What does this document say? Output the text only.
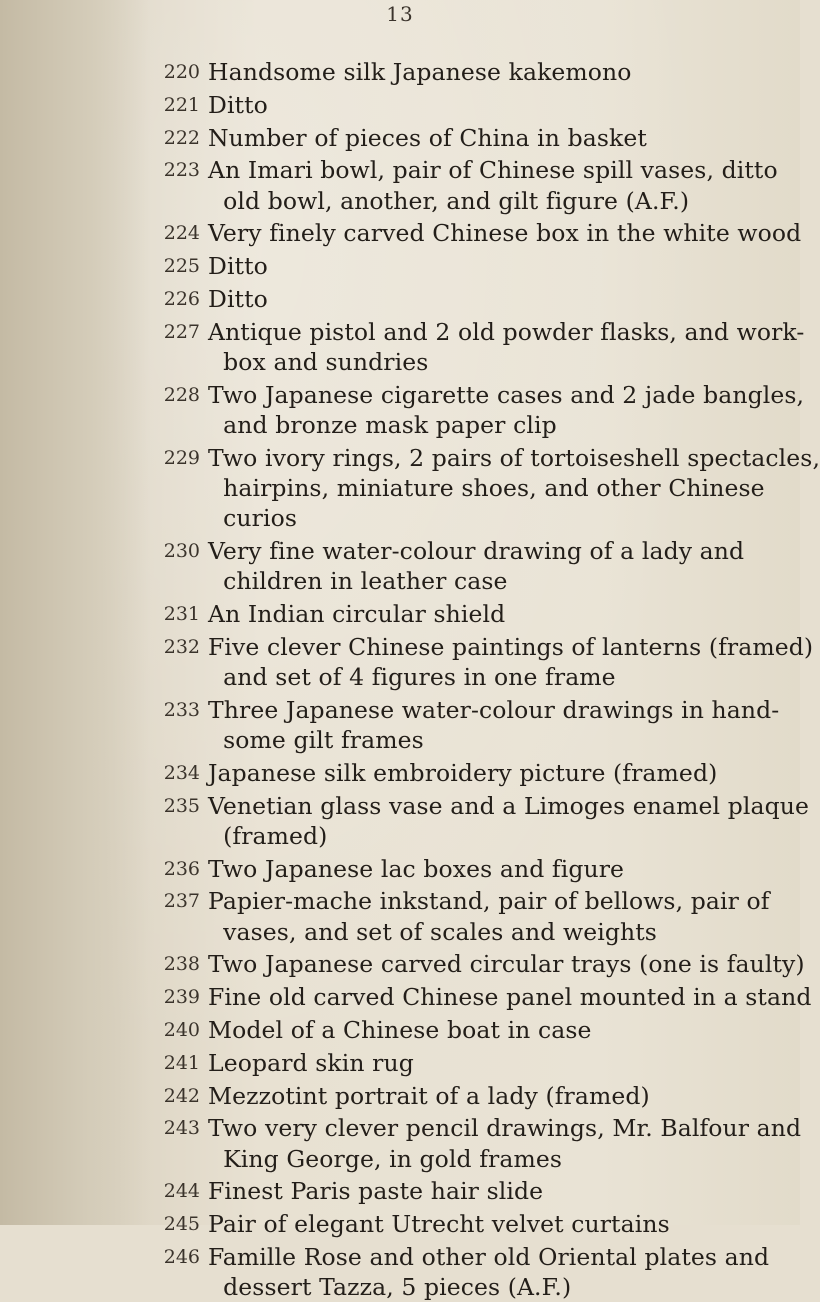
13
220 Handsome silk Japanese kakemono
221 Ditto
222 Number of pieces of China in basket
223 An Imari bowl, pair of Chinese spill vases, ditto
old bowl, another, and gilt figure (A.F.)
224 Very finely carved Chinese box in the white wood
225 Ditto
226 Ditto
227 Antique pistol and 2 old powder flasks, and work-
box and sundries
228 Two Japanese cigarette cases and 2 jade bangles,
and bronze mask paper clip
229 Two ivory rings, 2 pairs of tortoiseshell spectacles,
hairpins, miniature shoes, and other Chinese
curios
230 Very fine water-colour drawing of a lady and
children in leather case
231 An Indian circular shield
232 Five clever Chinese paintings of lanterns (framed)
and set of 4 figures in one frame
233 Three Japanese water-colour drawings in hand-
some gilt frames
234 Japanese silk embroidery picture (framed)
235 Venetian glass vase and a Limoges enamel plaque
(framed)
236 Two Japanese lac boxes and figure
237 Papier-mache inkstand, pair of bellows, pair of
vases, and set of scales and weights
238 Two Japanese carved circular trays (one is faulty)
239 Fine old carved Chinese panel mounted in a stand
240 Model of a Chinese boat in case
241 Leopard skin rug
242 Mezzotint portrait of a lady (framed)
243 Two very clever pencil drawings, Mr. Balfour and
King George, in gold frames
244 Finest Paris paste hair slide
245 Pair of elegant Utrecht velvet curtains
246 Famille Rose and other old Oriental plates and
dessert Tazza, 5 pieces (A.F.)
